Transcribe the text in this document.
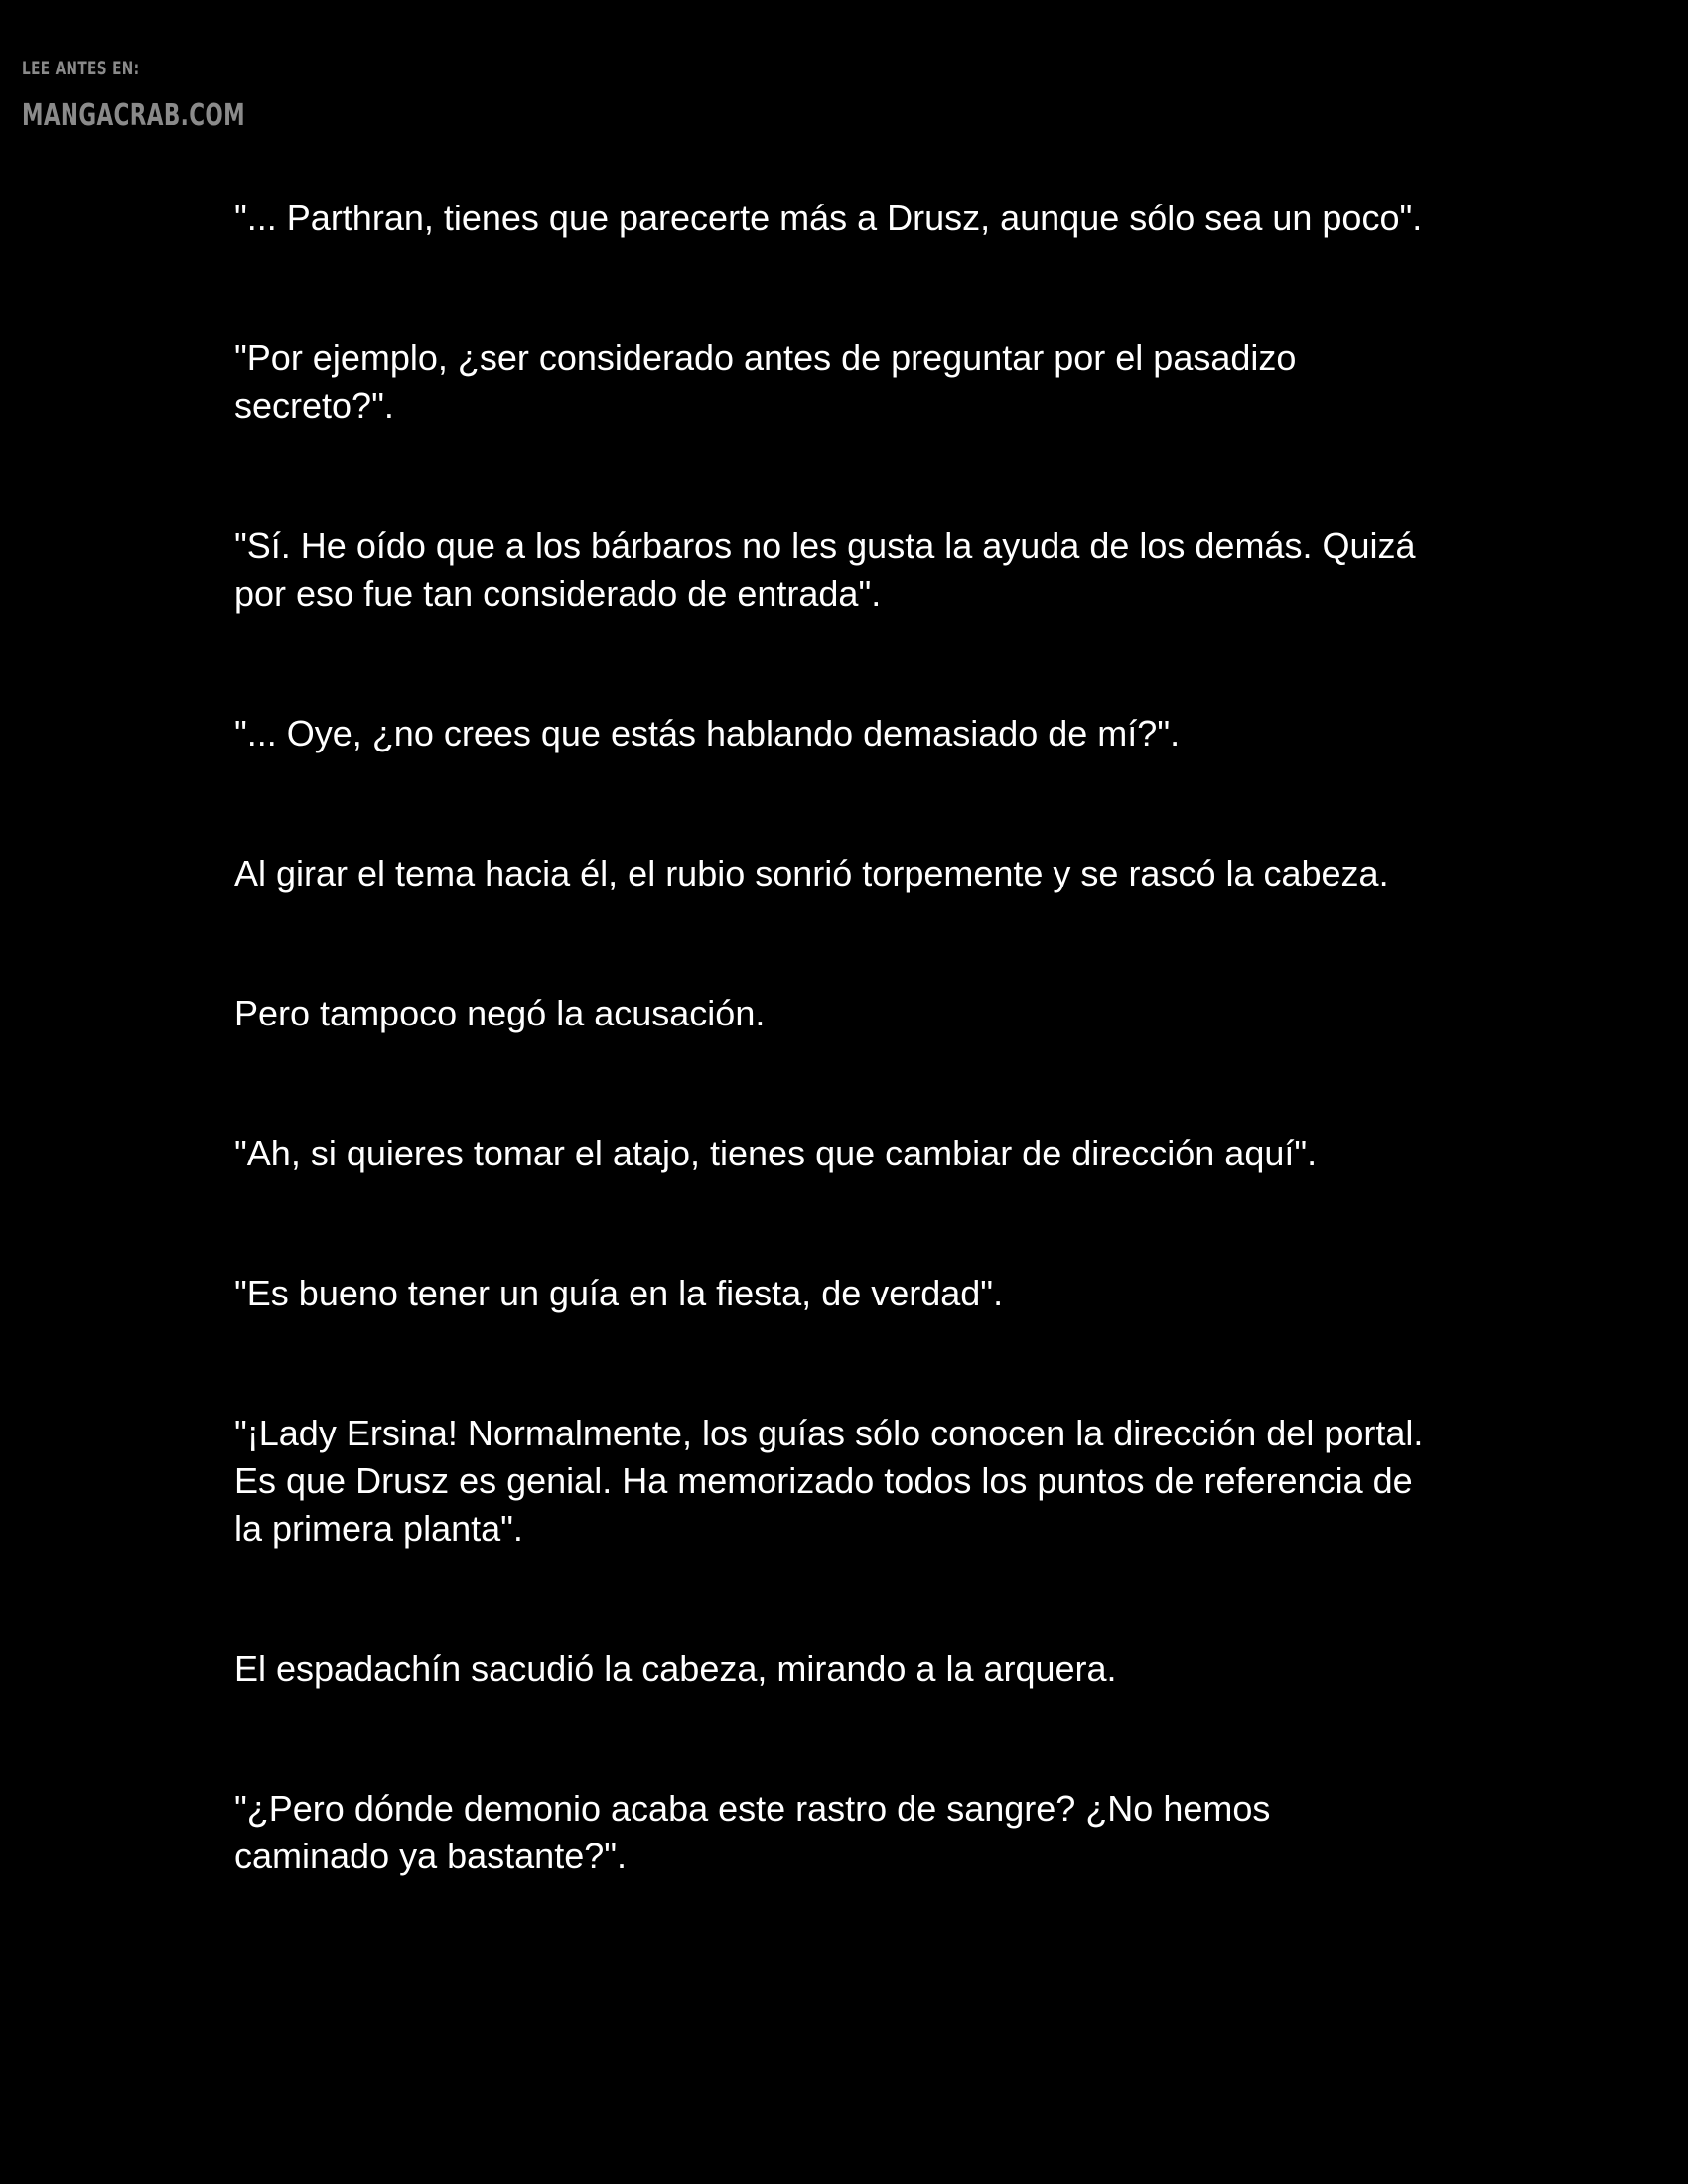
LEE ANTES EN:
MANGACRAB.COM

"... Parthran, tienes que parecerte más a Drusz, aunque sólo sea un poco".

"Por ejemplo, ¿ser considerado antes de preguntar por el pasadizo secreto?".

"Sí. He oído que a los bárbaros no les gusta la ayuda de los demás. Quizá por eso fue tan considerado de entrada".

"... Oye, ¿no crees que estás hablando demasiado de mí?".

Al girar el tema hacia él, el rubio sonrió torpemente y se rascó la cabeza.

Pero tampoco negó la acusación.

"Ah, si quieres tomar el atajo, tienes que cambiar de dirección aquí".

"Es bueno tener un guía en la fiesta, de verdad".

"¡Lady Ersina! Normalmente, los guías sólo conocen la dirección del portal. Es que Drusz es genial. Ha memorizado todos los puntos de referencia de la primera planta".

El espadachín sacudió la cabeza, mirando a la arquera.

"¿Pero dónde demonio acaba este rastro de sangre? ¿No hemos caminado ya bastante?".
